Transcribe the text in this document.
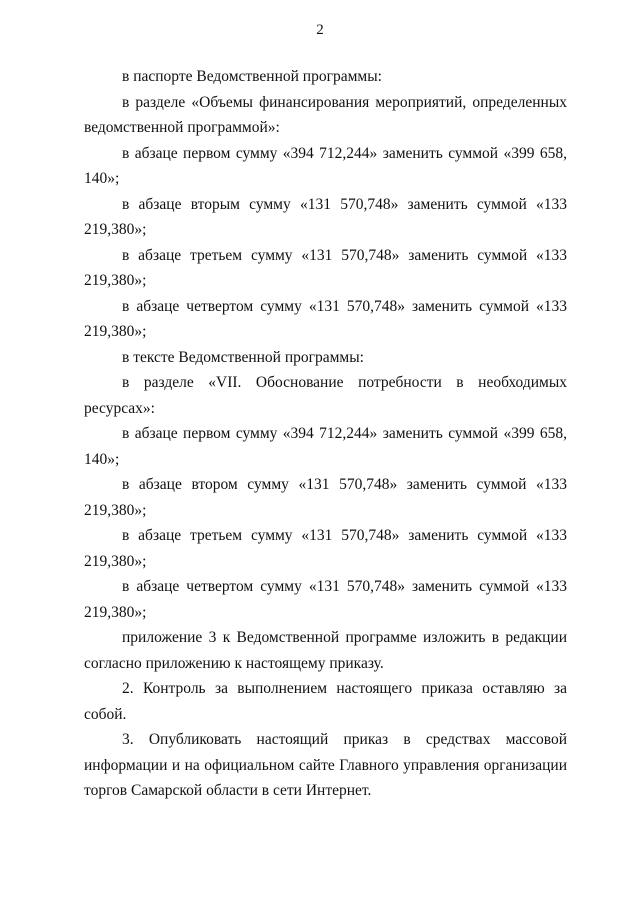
2

в паспорте Ведомственной программы:

в разделе «Объемы финансирования мероприятий, определенных ведомственной программой»:

в абзаце первом сумму «394 712,244» заменить суммой «399 658, 140»;

в абзаце вторым сумму «131 570,748» заменить суммой «133 219,380»;

в абзаце третьем сумму «131 570,748» заменить суммой «133 219,380»;

в абзаце четвертом сумму «131 570,748» заменить суммой «133 219,380»;

в тексте Ведомственной программы:

в разделе «VII. Обоснование потребности в необходимых ресурсах»:

в абзаце первом сумму «394 712,244» заменить суммой «399 658, 140»;

в абзаце втором сумму «131 570,748» заменить суммой «133 219,380»;

в абзаце третьем сумму «131 570,748» заменить суммой «133 219,380»;

в абзаце четвертом сумму «131 570,748» заменить суммой «133 219,380»;

приложение 3 к Ведомственной программе изложить в редакции согласно приложению к настоящему приказу.

2. Контроль за выполнением настоящего приказа оставляю за собой.

3. Опубликовать настоящий приказ в средствах массовой информации и на официальном сайте Главного управления организации торгов Самарской области в сети Интернет.
